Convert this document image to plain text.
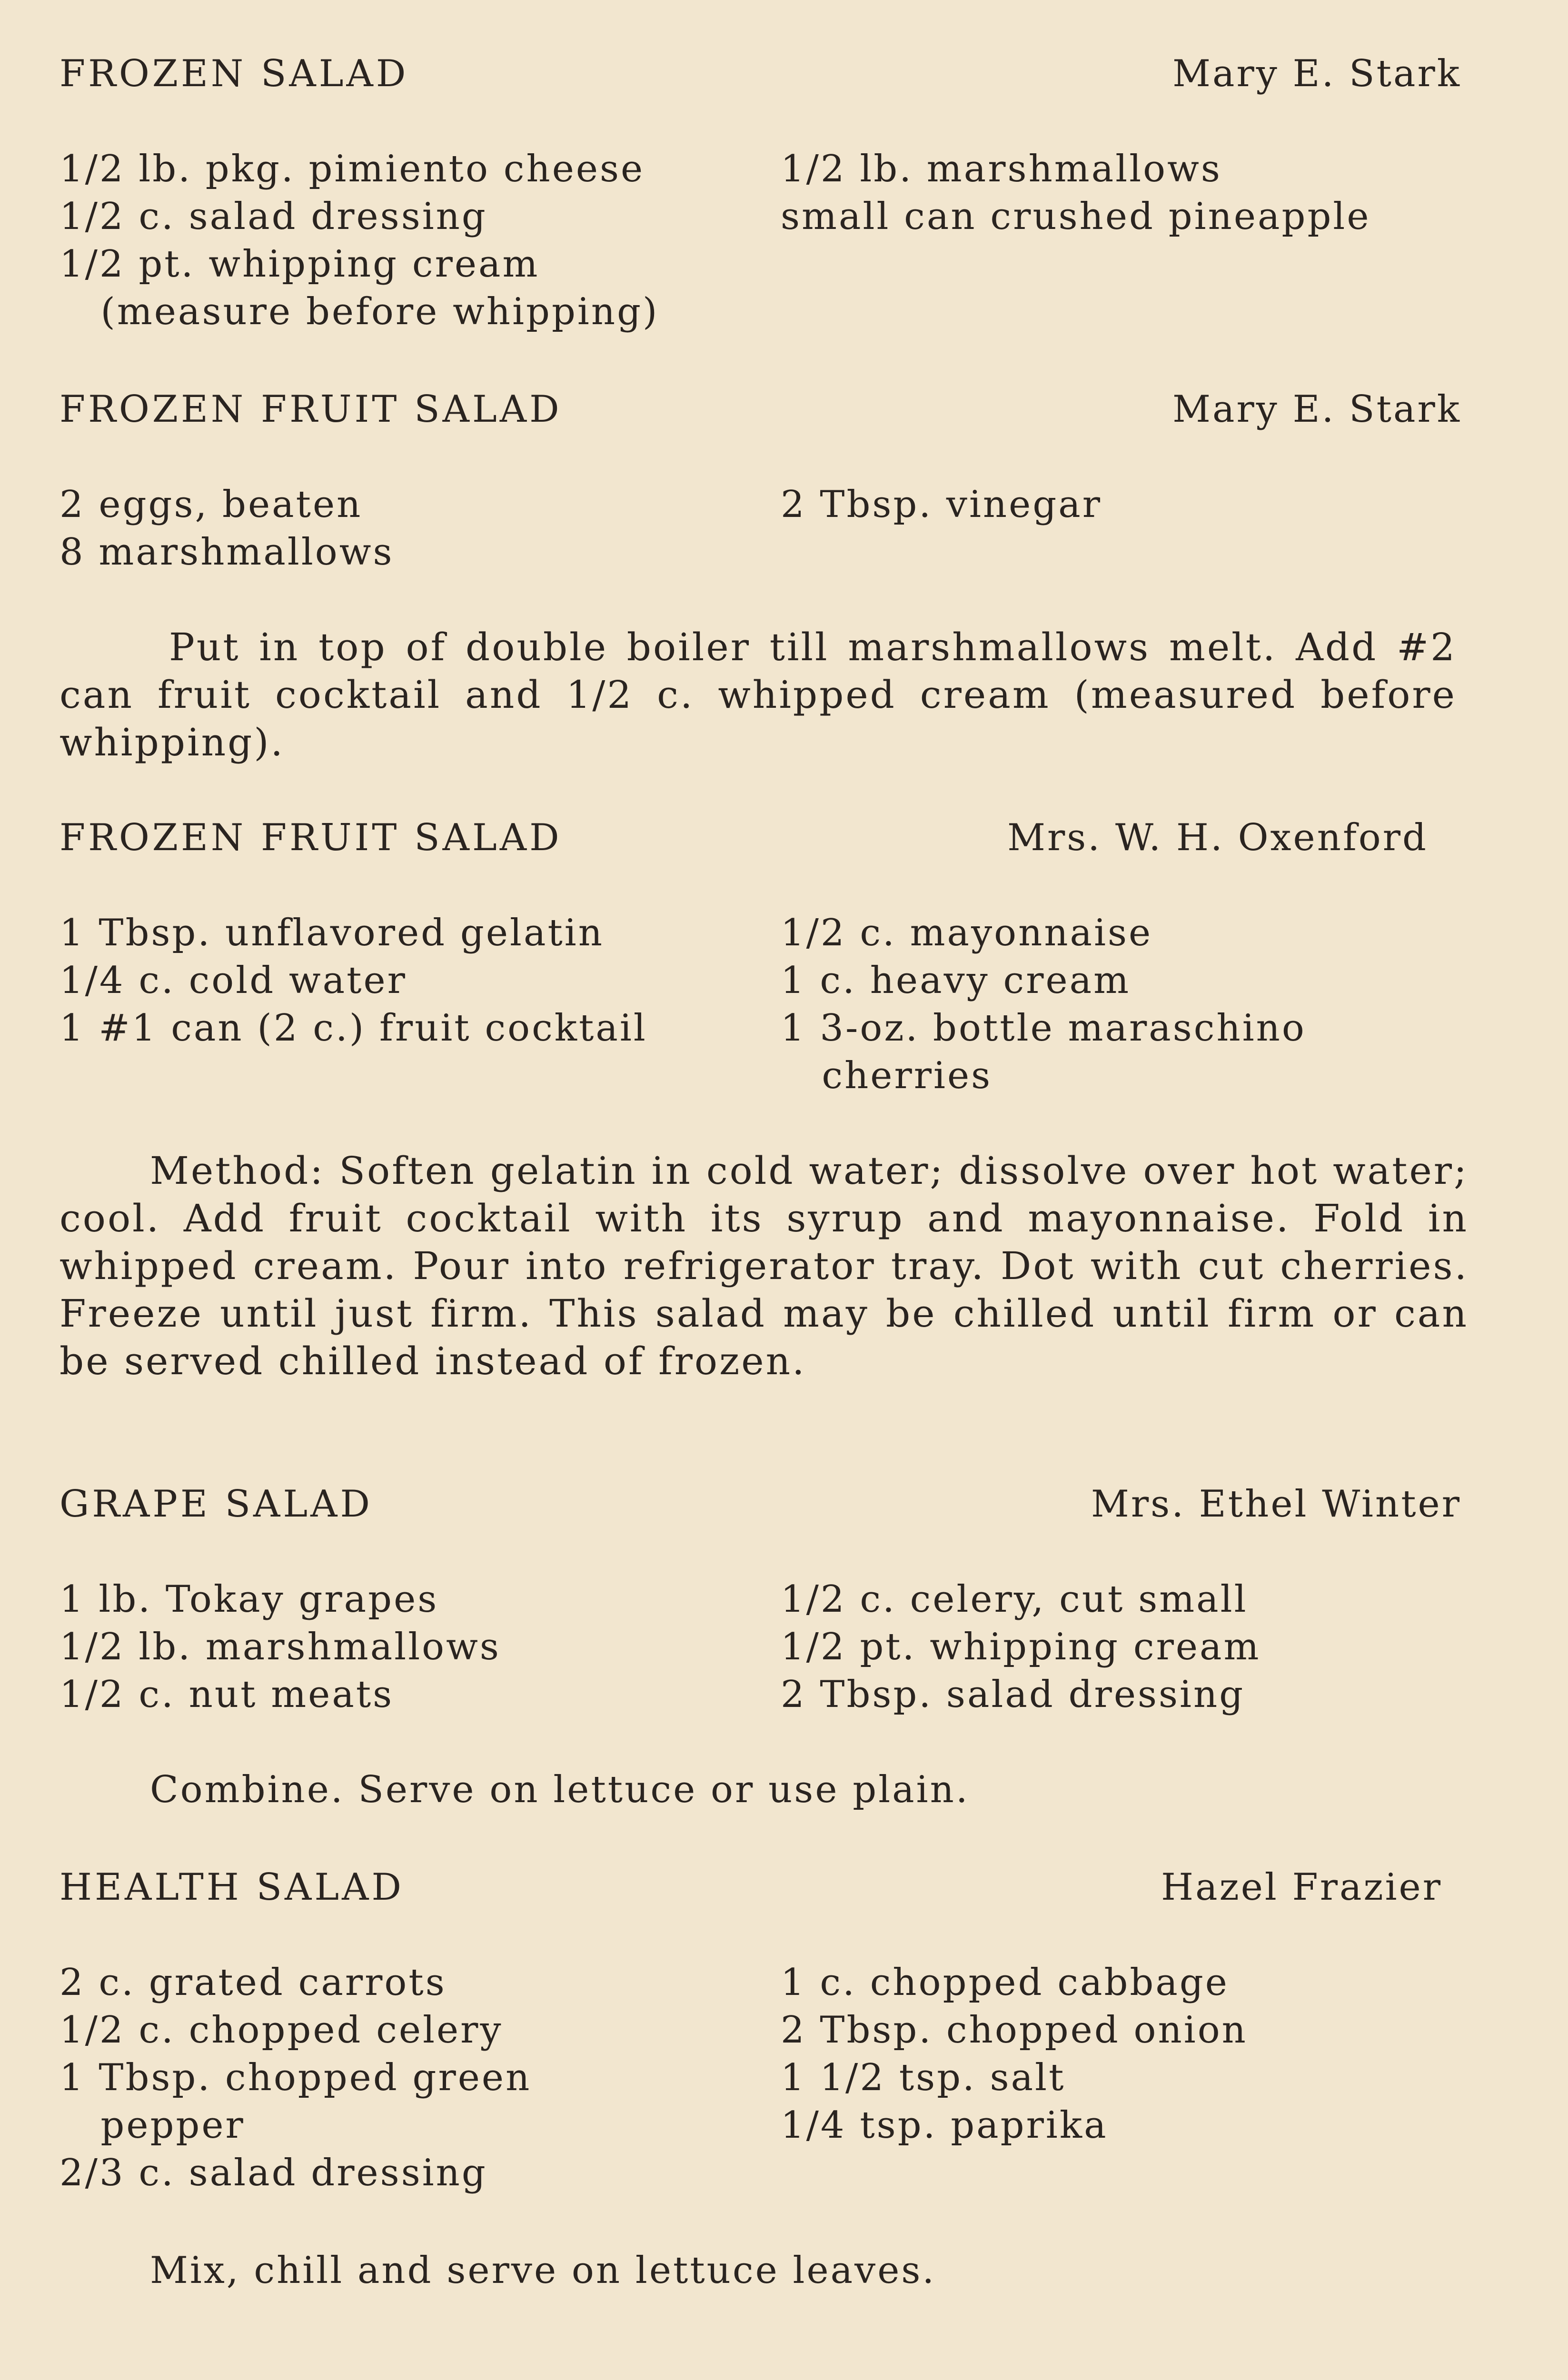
FROZEN SALAD	Mary E. Stark
1/2 lb. pkg. pimiento cheese
1/2 c. salad dressing
1/2 pt. whipping cream
(measure before whipping)
1/2 lb. marshmallows
small can crushed pineapple
FROZEN FRUIT SALAD	Mary E. Stark
2 eggs, beaten
8 marshmallows
2 Tbsp. vinegar
Put in top of double boiler till marshmallows melt. Add #2 can fruit cocktail and 1/2 c. whipped cream (measured before whipping).
FROZEN FRUIT SALAD	Mrs. W. H. Oxenford
1 Tbsp. unflavored gelatin
1/4 c. cold water
1 #1 can (2 c.) fruit cocktail
1/2 c. mayonnaise
1 c. heavy cream
1 3-oz. bottle maraschino
cherries
Method: Soften gelatin in cold water; dissolve over hot water; cool. Add fruit cocktail with its syrup and mayonnaise. Fold in whipped cream. Pour into refrigerator tray. Dot with cut cherries. Freeze until just firm. This salad may be chilled until firm or can be served chilled instead of frozen.
GRAPE SALAD	Mrs. Ethel Winter
1 lb. Tokay grapes
1/2 lb. marshmallows
1/2 c. nut meats
1/2 c. celery, cut small
1/2 pt. whipping cream
2 Tbsp. salad dressing
Combine. Serve on lettuce or use plain.
HEALTH SALAD	Hazel Frazier
2 c. grated carrots
1/2 c. chopped celery
1 Tbsp. chopped green
pepper
2/3 c. salad dressing
1 c. chopped cabbage
2 Tbsp. chopped onion
1 1/2 tsp. salt
1/4 tsp. paprika
Mix, chill and serve on lettuce leaves.
